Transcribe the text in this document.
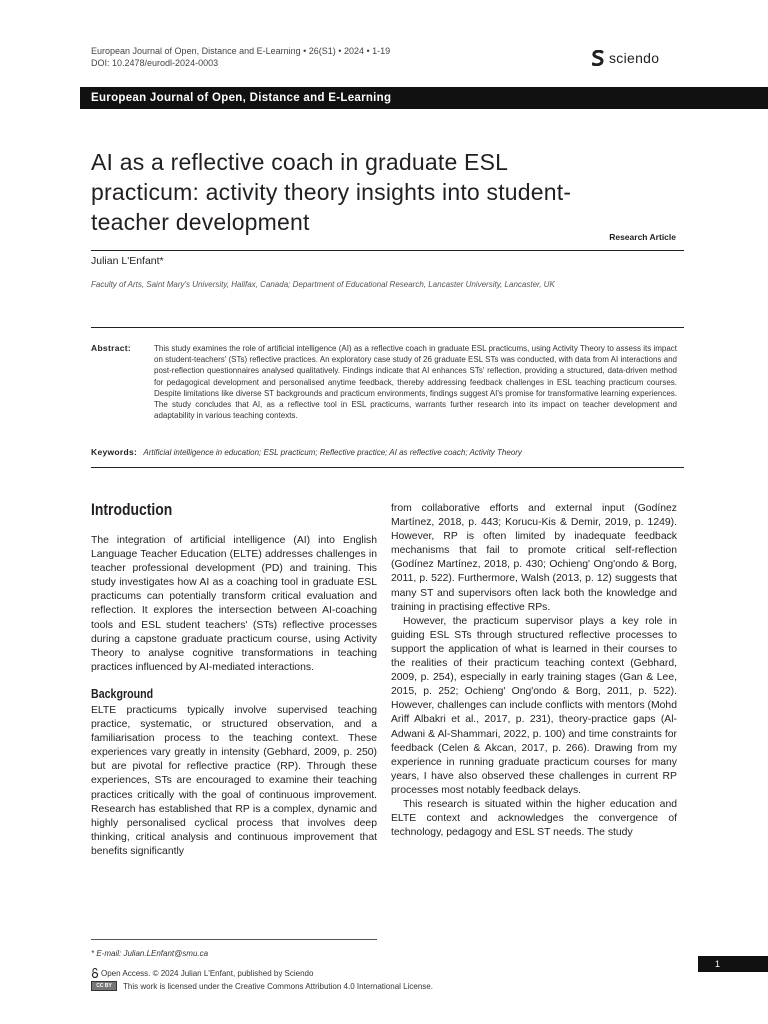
European Journal of Open, Distance and E-Learning • 26(S1) • 2024 • 1-19
DOI: 10.2478/eurodl-2024-0003	sciendo
European Journal of Open, Distance and E-Learning
AI as a reflective coach in graduate ESL
practicum: activity theory insights into student-
teacher development
Research Article
Julian L'Enfant*
Faculty of Arts, Saint Mary's University, Halifax, Canada; Department of Educational Research, Lancaster University, Lancaster, UK
Abstract:	This study examines the role of artificial intelligence (AI) as a reflective coach in graduate ESL practicums, using Activity Theory to assess its impact on student-teachers' (STs) reflective practices. An exploratory case study of 26 graduate ESL STs was conducted, with data from AI interactions and post-reflection questionnaires analysed qualitatively. Findings indicate that AI enhances STs' reflection, providing a structured, data-driven method for pedagogical development and personalised anytime feedback, thereby addressing feedback challenges in ESL teaching practicum courses. Despite limitations like diverse ST backgrounds and practicum environments, findings suggest AI's promise for transformative learning experiences. The study concludes that AI, as a reflective tool in ESL practicums, warrants further research into its impact on teacher development and adaptability in various teaching contexts.
Keywords: Artificial intelligence in education; ESL practicum; Reflective practice; AI as reflective coach; Activity Theory
Introduction

The integration of artificial intelligence (AI) into English Language Teacher Education (ELTE) addresses challenges in teacher professional development (PD) and training. This study investigates how AI as a coaching tool in graduate ESL practicums can potentially transform critical evaluation and reflection. It explores the intersection between AI-coaching tools and ESL student teachers' (STs) reflective processes during a capstone graduate practicum course, using Activity Theory to analyse cognitive transformations in teaching practices influenced by AI-mediated interactions.

Background

ELTE practicums typically involve supervised teaching practice, systematic, or structured observation, and a familiarisation process to the teaching context. These experiences vary greatly in intensity (Gebhard, 2009, p. 250) but are pivotal for reflective practice (RP). Through these experiences, STs are encouraged to examine their teaching practices critically with the goal of continuous improvement. Research has established that RP is a complex, dynamic and highly personalised cyclical process that involves deep thinking, critical analysis and continuous improvement that benefits significantly

from collaborative efforts and external input (Godínez Martínez, 2018, p. 443; Korucu-Kis & Demir, 2019, p. 1249). However, RP is often limited by inadequate feedback mechanisms that fail to promote critical self-reflection (Godínez Martínez, 2018, p. 430; Ochieng' Ong'ondo & Borg, 2011, p. 522). Furthermore, Walsh (2013, p. 12) suggests that many ST and supervisors often lack both the knowledge and training in practising effective RPs.

However, the practicum supervisor plays a key role in guiding ESL STs through structured reflective processes to support the application of what is learned in their courses to the realities of their practicum teaching context (Gebhard, 2009, p. 254), especially in early training stages (Gan & Lee, 2015, p. 252; Ochieng' Ong'ondo & Borg, 2011, p. 522). However, challenges can include conflicts with mentors (Mohd Ariff Albakri et al., 2017, p. 231), theory-practice gaps (Al-Adwani & Al-Shammari, 2022, p. 100) and time constraints for feedback (Celen & Akcan, 2017, p. 266). Drawing from my experience in running graduate practicum courses for many years, I have also observed these challenges in current RP processes most notably feedback delays.

This research is situated within the higher education and ELTE context and acknowledges the convergence of technology, pedagogy and ESL ST needs. The study

* E-mail: Julian.LEnfant@smu.ca
Open Access. © 2024 Julian L'Enfant, published by Sciendo
CC BY	This work is licensed under the Creative Commons Attribution 4.0 International License.
1
